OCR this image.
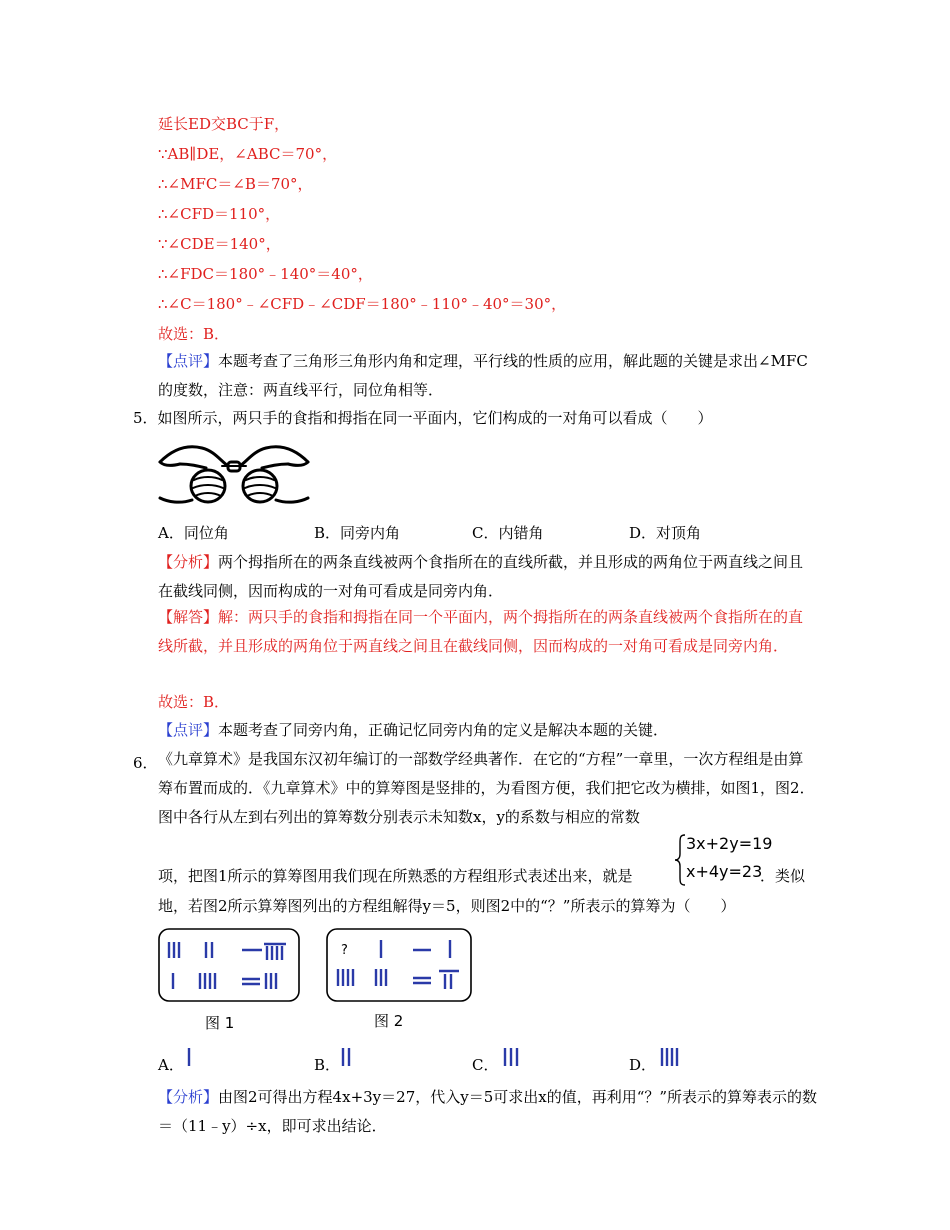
延长ED交BC于F，
∵AB∥DE，∠ABC＝70°，
∴∠MFC＝∠B＝70°，
∴∠CFD＝110°，
∵∠CDE＝140°，
∴∠FDC＝180°﹣140°＝40°，
∴∠C＝180°﹣∠CFD﹣∠CDF＝180°﹣110°﹣40°＝30°，
故选：B．
【点评】本题考查了三角形三角形内角和定理，平行线的性质的应用，解此题的关键是求出∠MFC的度数，注意：两直线平行，同位角相等．
5．如图所示，两只手的食指和拇指在同一平面内，它们构成的一对角可以看成（　　）
A．同位角	B．同旁内角	C．内错角	D．对顶角
【分析】两个拇指所在的两条直线被两个食指所在的直线所截，并且形成的两角位于两直线之间且在截线同侧，因而构成的一对角可看成是同旁内角．
【解答】解：两只手的食指和拇指在同一个平面内，两个拇指所在的两条直线被两个食指所在的直线所截，并且形成的两角位于两直线之间且在截线同侧，因而构成的一对角可看成是同旁内角．
故选：B．
【点评】本题考查了同旁内角，正确记忆同旁内角的定义是解决本题的关键．
6． 《九章算术》是我国东汉初年编订的一部数学经典著作．在它的“方程”一章里，一次方程组是由算筹布置而成的．《九章算术》中的算筹图是竖排的，为看图方便，我们把它改为横排，如图1，图2．图中各行从左到右列出的算筹数分别表示未知数x，y的系数与相应的常数
项，把图1所示的算筹图用我们现在所熟悉的方程组形式表述出来，就是
3x+2y=19
x+4y=23
．类似
地，若图2所示算筹图列出的方程组解得y＝5，则图2中的“？”所表示的算筹为（　　）
图 1
?
图 2
A．	B．	C．	D．
【分析】由图2可得出方程4x+3y＝27，代入y＝5可求出x的值，再利用“？”所表示的算筹表示的数＝（11﹣y）÷x，即可求出结论．
